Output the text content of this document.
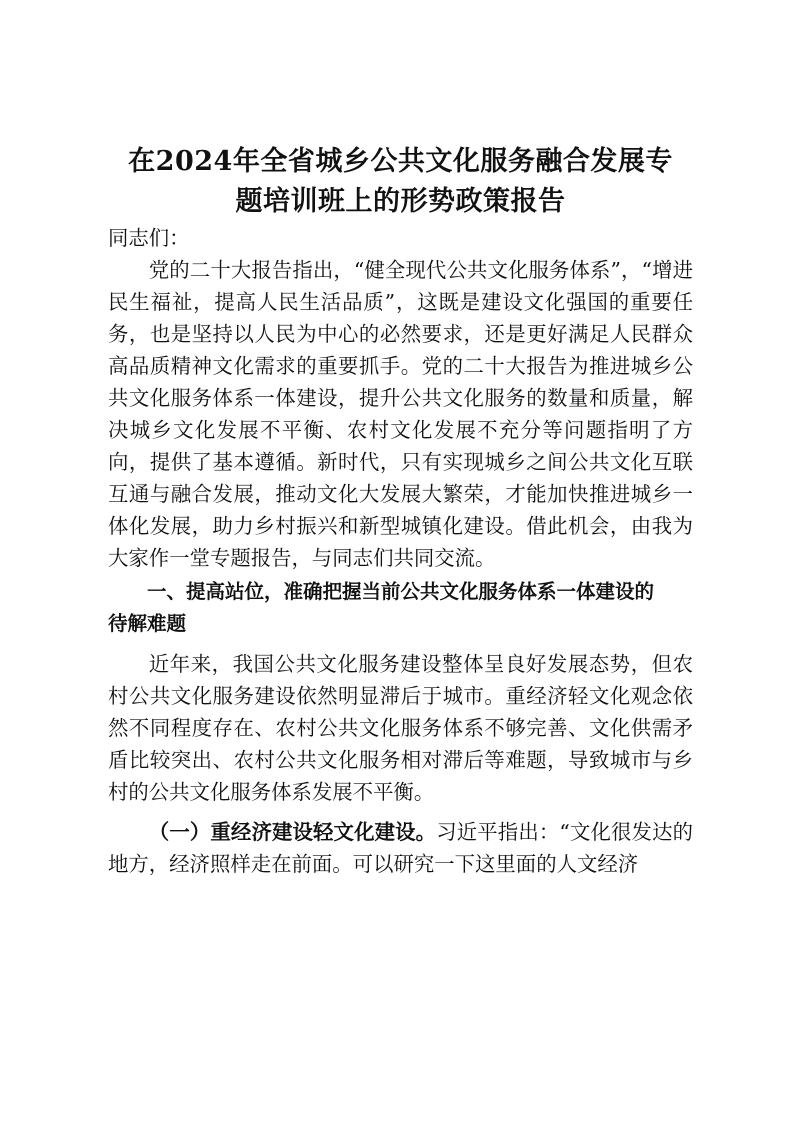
在2024年全省城乡公共文化服务融合发展专
题培训班上的形势政策报告

同志们：

党的二十大报告指出，“健全现代公共文化服务体系”，“增进民生福祉，提高人民生活品质”，这既是建设文化强国的重要任务，也是坚持以人民为中心的必然要求，还是更好满足人民群众高品质精神文化需求的重要抓手。党的二十大报告为推进城乡公共文化服务体系一体建设，提升公共文化服务的数量和质量，解决城乡文化发展不平衡、农村文化发展不充分等问题指明了方向，提供了基本遵循。新时代，只有实现城乡之间公共文化互联互通与融合发展，推动文化大发展大繁荣，才能加快推进城乡一体化发展，助力乡村振兴和新型城镇化建设。借此机会，由我为大家作一堂专题报告，与同志们共同交流。

一、提高站位，准确把握当前公共文化服务体系一体建设的
待解难题

近年来，我国公共文化服务建设整体呈良好发展态势，但农村公共文化服务建设依然明显滞后于城市。重经济轻文化观念依然不同程度存在、农村公共文化服务体系不够完善、文化供需矛盾比较突出、农村公共文化服务相对滞后等难题，导致城市与乡村的公共文化服务体系发展不平衡。

（一）重经济建设轻文化建设。习近平指出：“文化很发达的地方，经济照样走在前面。可以研究一下这里面的人文经济
